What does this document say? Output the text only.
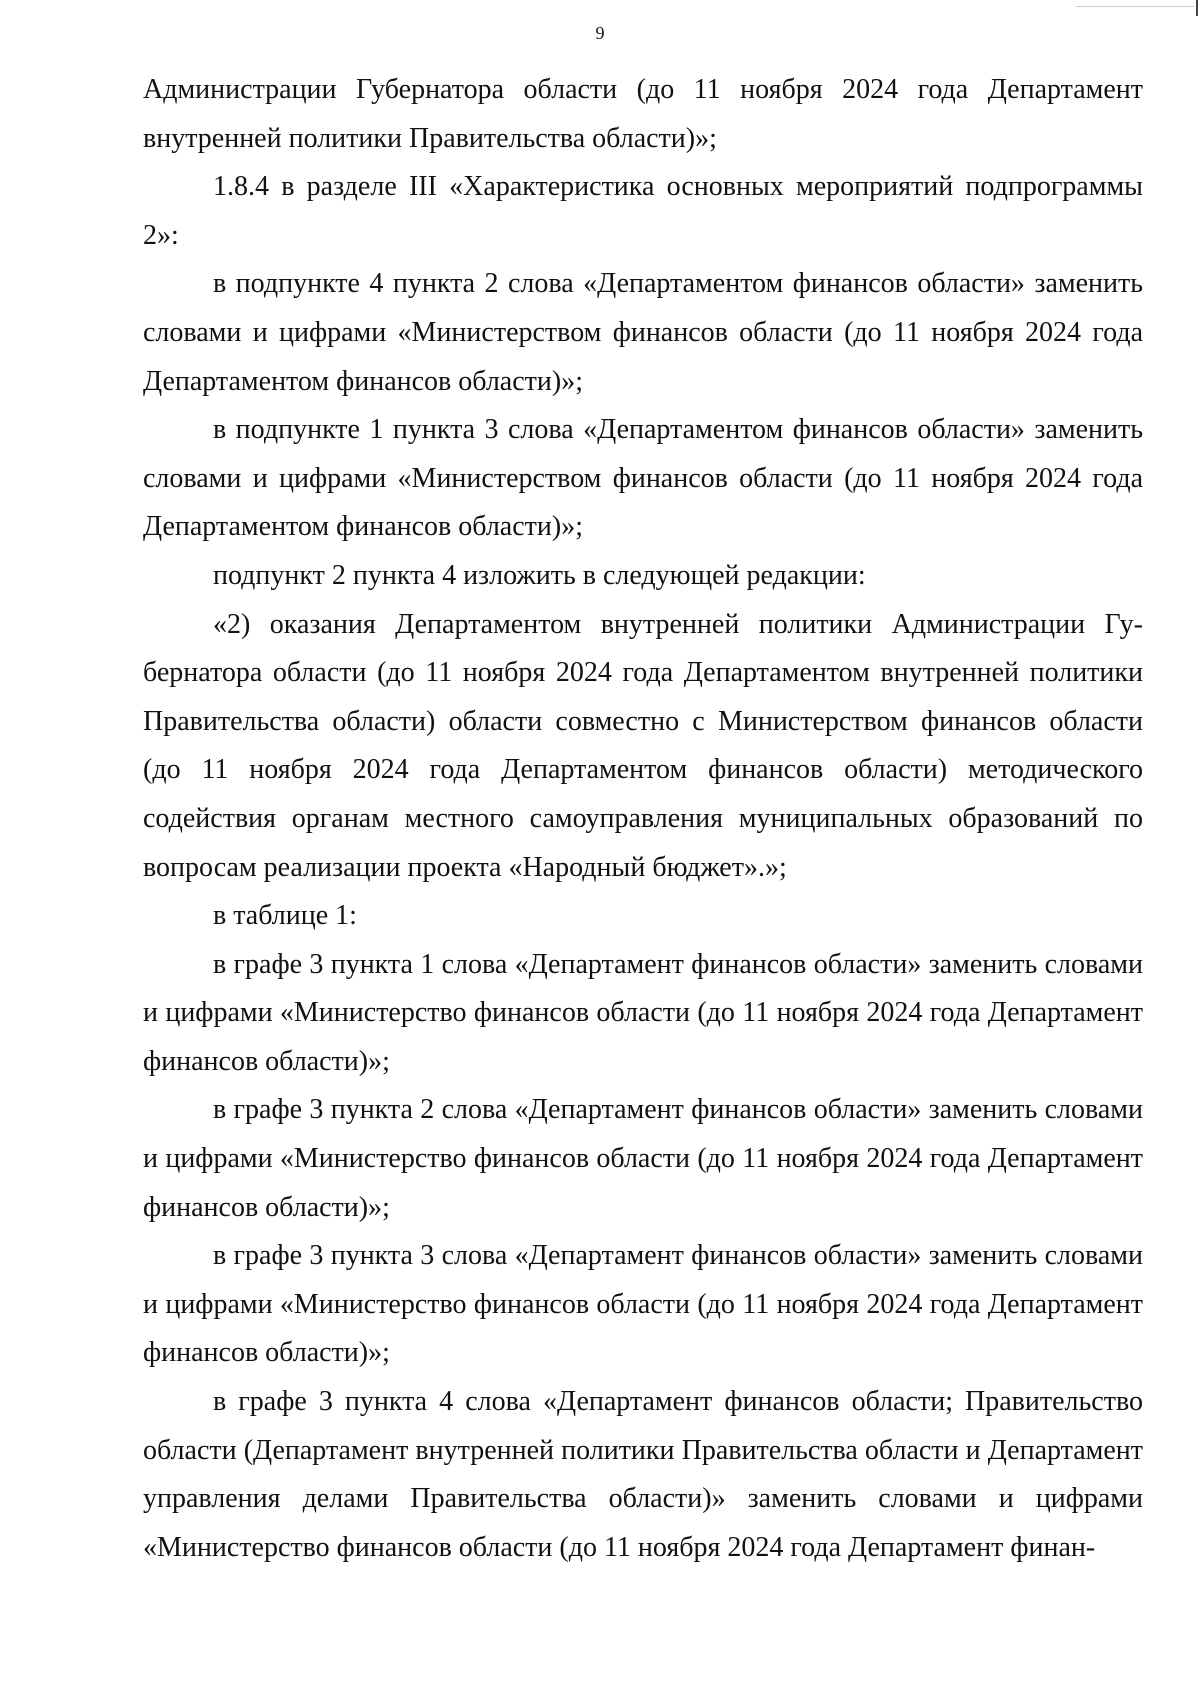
9

Администрации Губернатора области (до 11 ноября 2024 года Департамент внутренней политики Правительства области)»;

1.8.4 в разделе III «Характеристика основных мероприятий подпрограммы 2»:

в подпункте 4 пункта 2 слова «Департаментом финансов области» заменить словами и цифрами «Министерством финансов области (до 11 ноября 2024 года Департаментом финансов области)»;

в подпункте 1 пункта 3 слова «Департаментом финансов области» заменить словами и цифрами «Министерством финансов области (до 11 ноября 2024 года Департаментом финансов области)»;

подпункт 2 пункта 4 изложить в следующей редакции:

«2) оказания Департаментом внутренней политики Администрации Губернатора области (до 11 ноября 2024 года Департаментом внутренней политики Правительства области) области совместно с Министерством финансов области (до 11 ноября 2024 года Департаментом финансов области) методического содействия органам местного самоуправления муниципальных образований по вопросам реализации проекта «Народный бюджет».»;

в таблице 1:

в графе 3 пункта 1 слова «Департамент финансов области» заменить словами и цифрами «Министерство финансов области (до 11 ноября 2024 года Департамент финансов области)»;

в графе 3 пункта 2 слова «Департамент финансов области» заменить словами и цифрами «Министерство финансов области (до 11 ноября 2024 года Департамент финансов области)»;

в графе 3 пункта 3 слова «Департамент финансов области» заменить словами и цифрами «Министерство финансов области (до 11 ноября 2024 года Департамент финансов области)»;

в графе 3 пункта 4 слова «Департамент финансов области; Правительство области (Департамент внутренней политики Правительства области и Департамент управления делами Правительства области)» заменить словами и цифрами «Министерство финансов области (до 11 ноября 2024 года Департамент финан-
